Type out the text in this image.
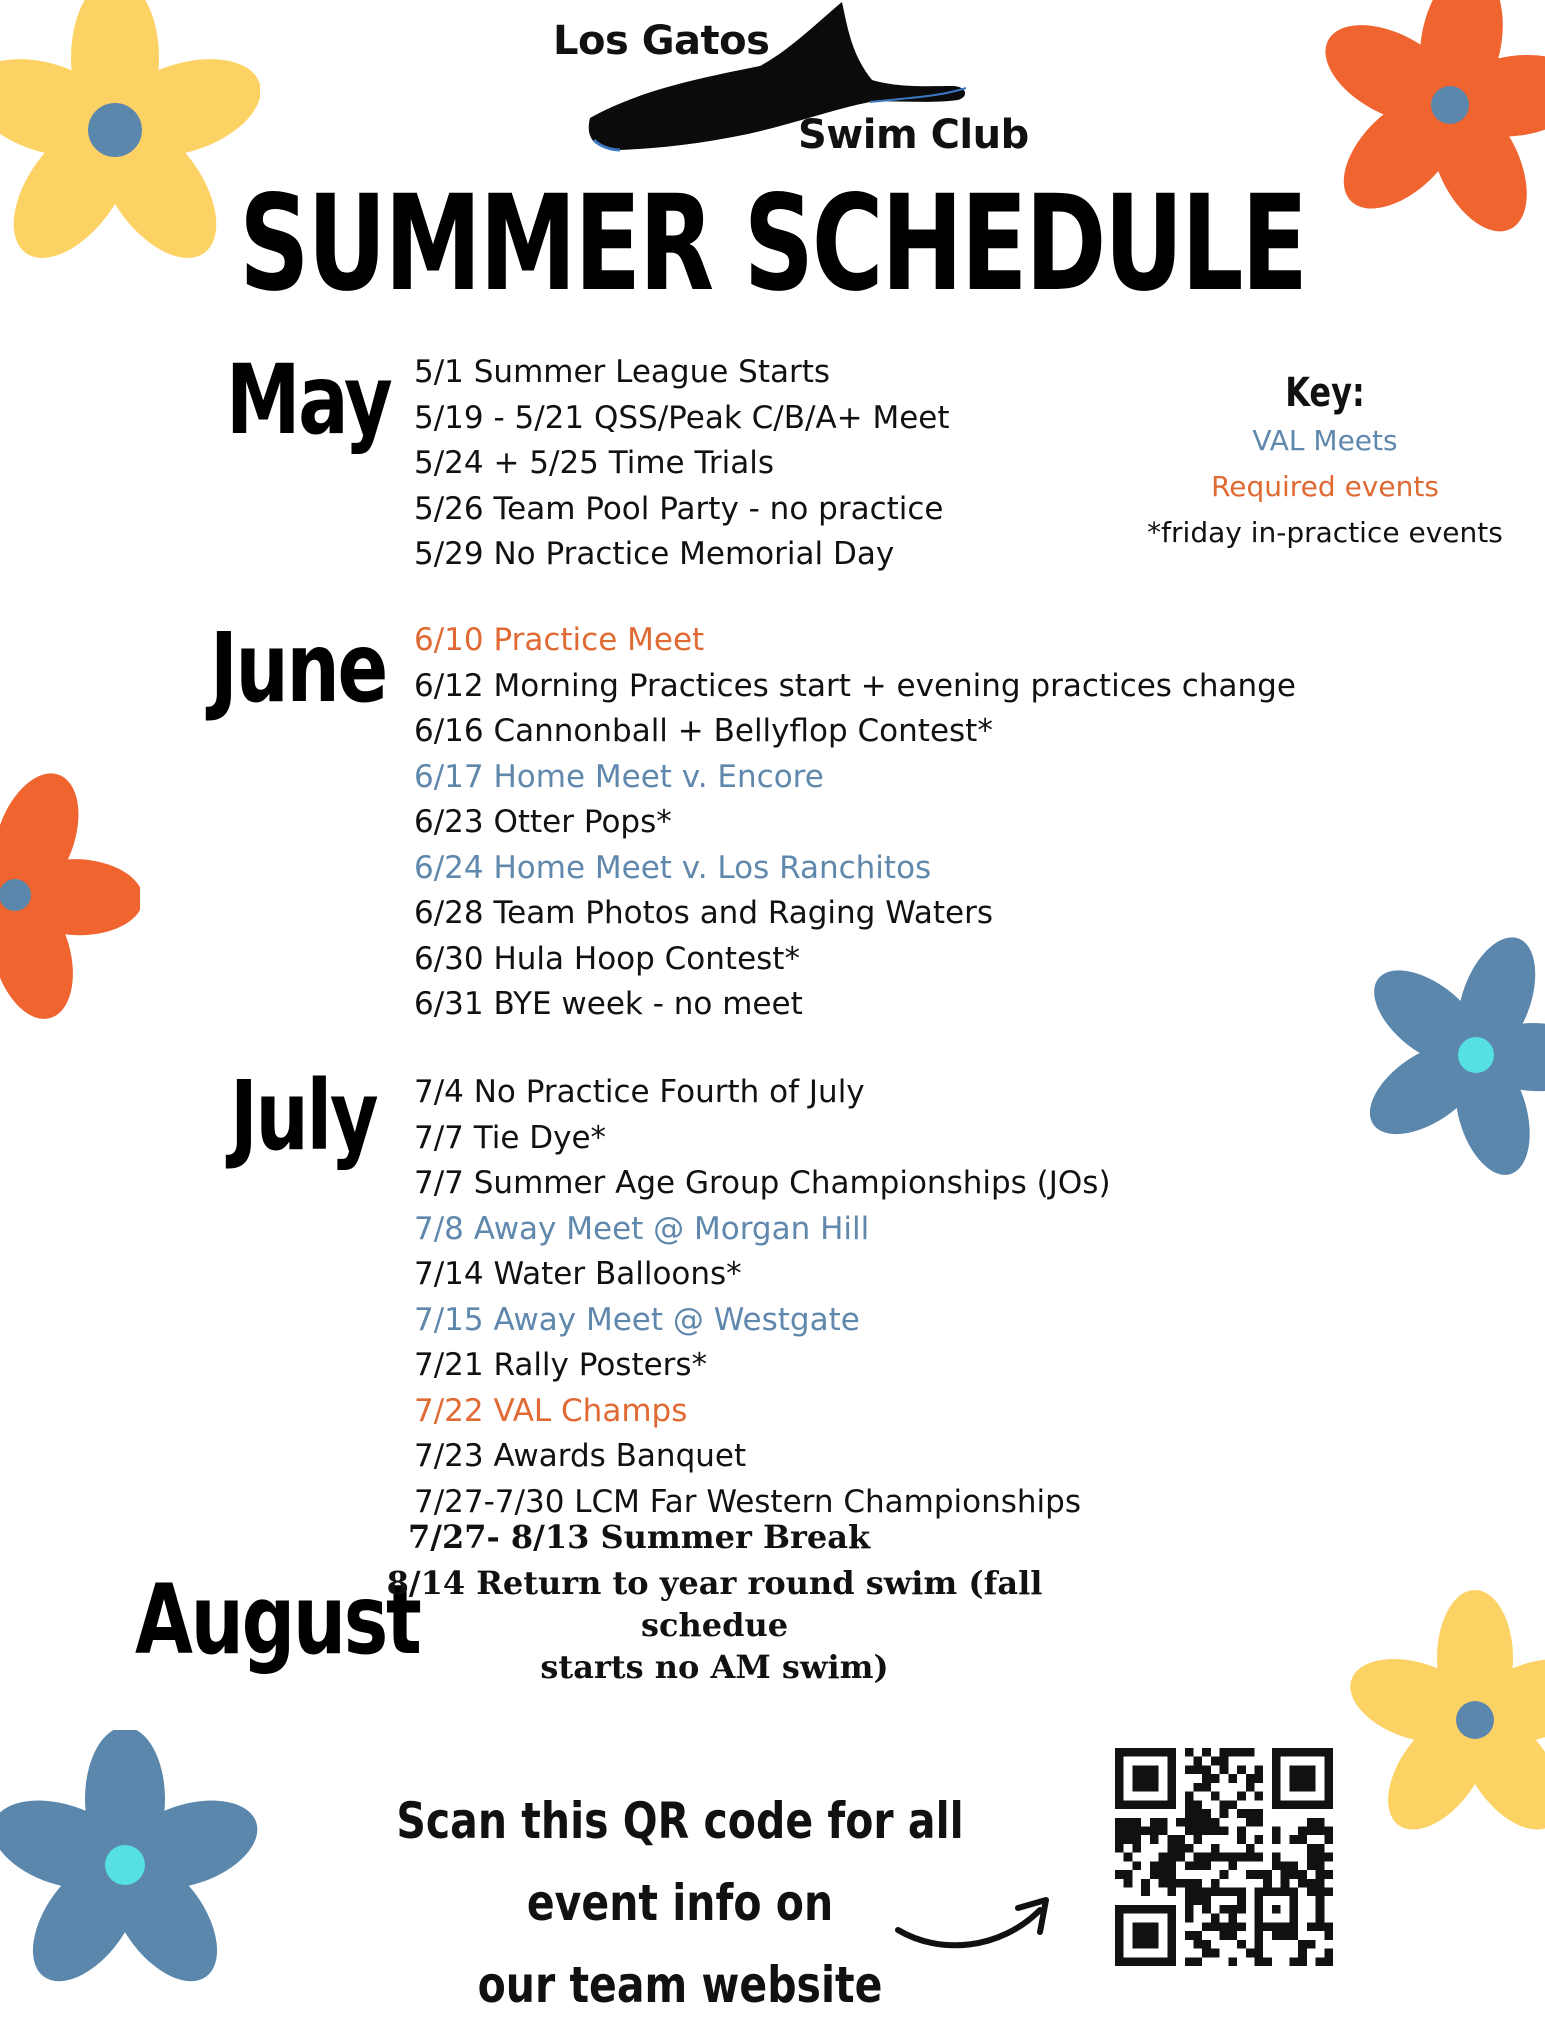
Los Gatos
Swim Club
SUMMER SCHEDULE
Key:
VAL Meets
Required events
*friday in-practice events
May 5/1 Summer League Starts
5/19 - 5/21 QSS/Peak C/B/A+ Meet
5/24 + 5/25 Time Trials
5/26 Team Pool Party - no practice
5/29 No Practice Memorial Day
June 6/10 Practice Meet
6/12 Morning Practices start + evening practices change
6/16 Cannonball + Bellyflop Contest*
6/17 Home Meet v. Encore
6/23 Otter Pops*
6/24 Home Meet v. Los Ranchitos
6/28 Team Photos and Raging Waters
6/30 Hula Hoop Contest*
6/31 BYE week - no meet
July 7/4 No Practice Fourth of July
7/7 Tie Dye*
7/7 Summer Age Group Championships (JOs)
7/8 Away Meet @ Morgan Hill
7/14 Water Balloons*
7/15 Away Meet @ Westgate
7/21 Rally Posters*
7/22 VAL Champs
7/23 Awards Banquet
7/27-7/30 LCM Far Western Championships
7/27- 8/13 Summer Break
August
8/14 Return to year round swim (fall schedue
starts no AM swim)
Scan this QR code for all event info on
our team website
